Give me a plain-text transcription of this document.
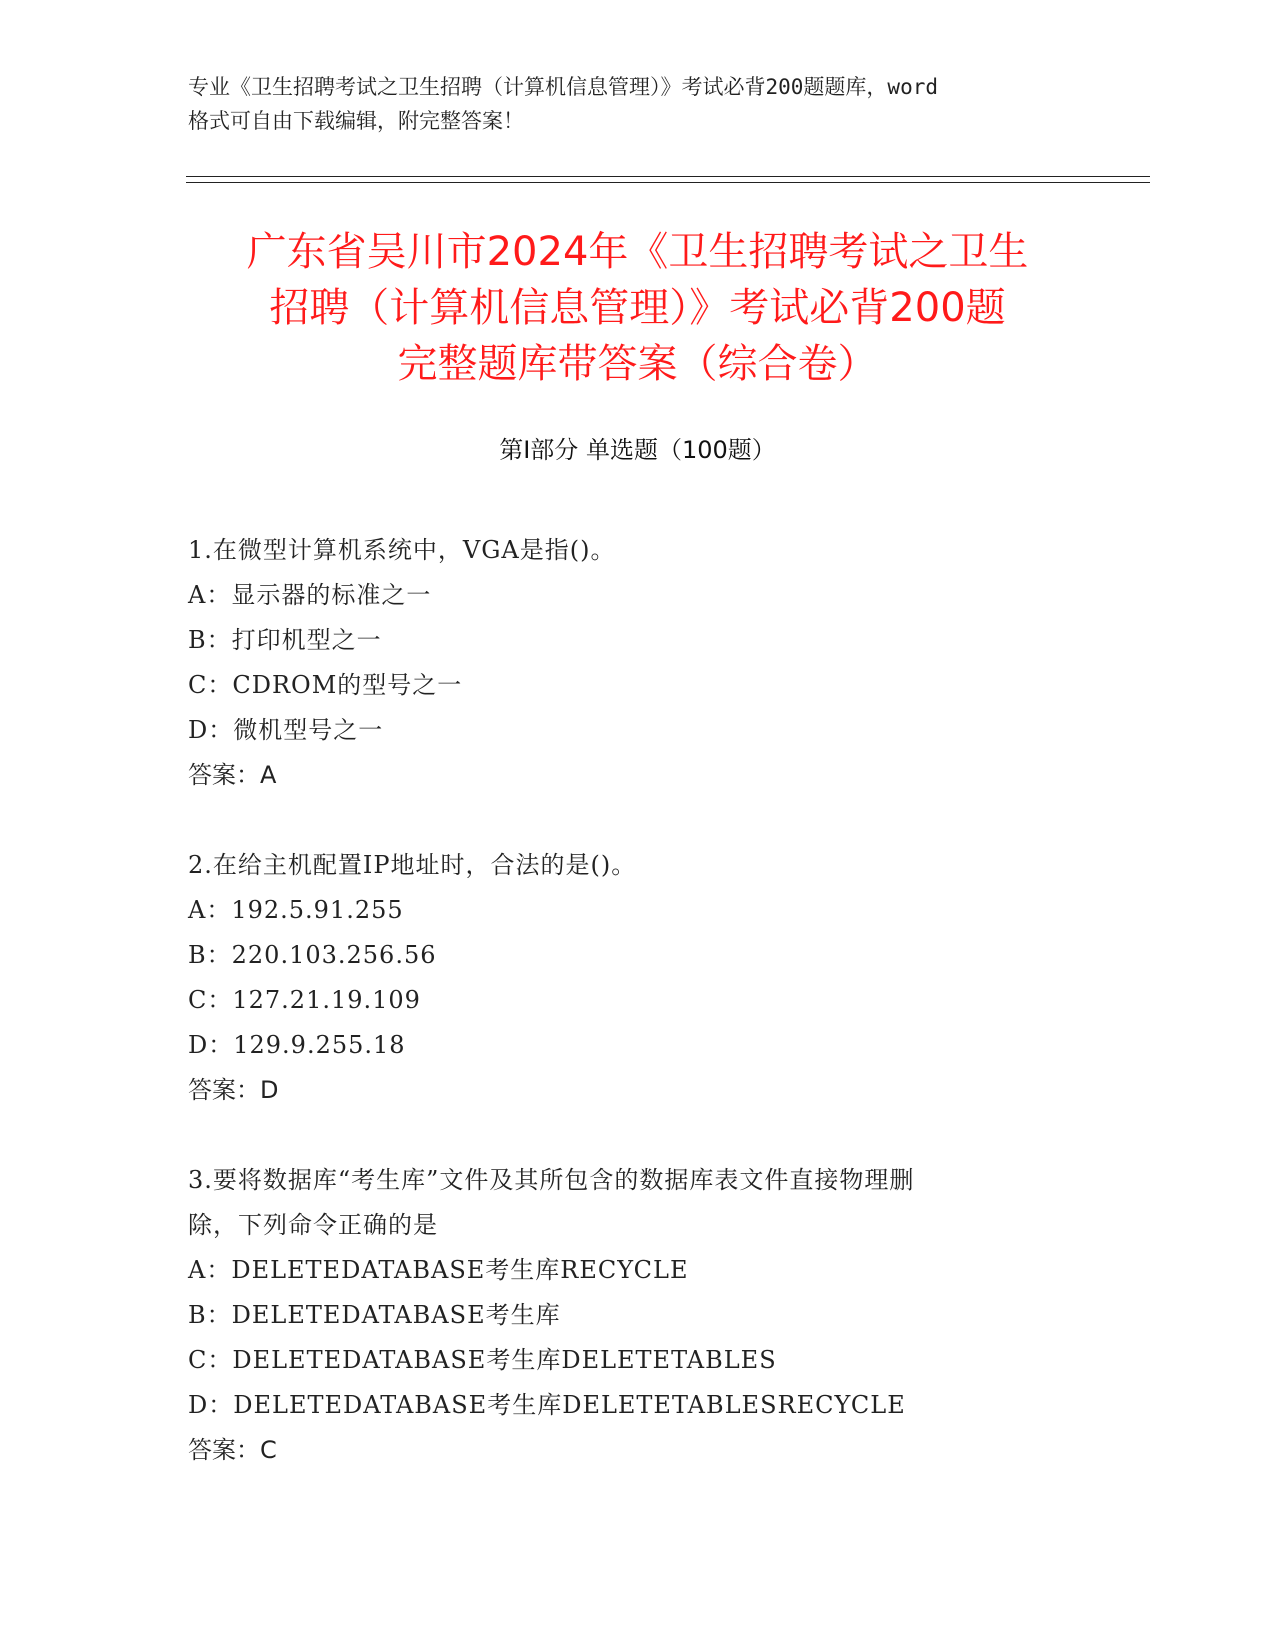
专业《卫生招聘考试之卫生招聘（计算机信息管理）》考试必背200题题库，word
格式可自由下载编辑，附完整答案！
广东省吴川市2024年《卫生招聘考试之卫生
招聘（计算机信息管理）》考试必背200题
完整题库带答案（综合卷）
第Ⅰ部分 单选题（100题）
1.在微型计算机系统中，VGA是指()。
A：显示器的标准之一
B：打印机型之一
C：CDROM的型号之一
D：微机型号之一
答案：A
2.在给主机配置IP地址时，合法的是()。
A：192.5.91.255
B：220.103.256.56
C：127.21.19.109
D：129.9.255.18
答案：D
3.要将数据库“考生库”文件及其所包含的数据库表文件直接物理删
除，下列命令正确的是
A：DELETEDATABASE考生库RECYCLE
B：DELETEDATABASE考生库
C：DELETEDATABASE考生库DELETETABLES
D：DELETEDATABASE考生库DELETETABLESRECYCLE
答案：C
